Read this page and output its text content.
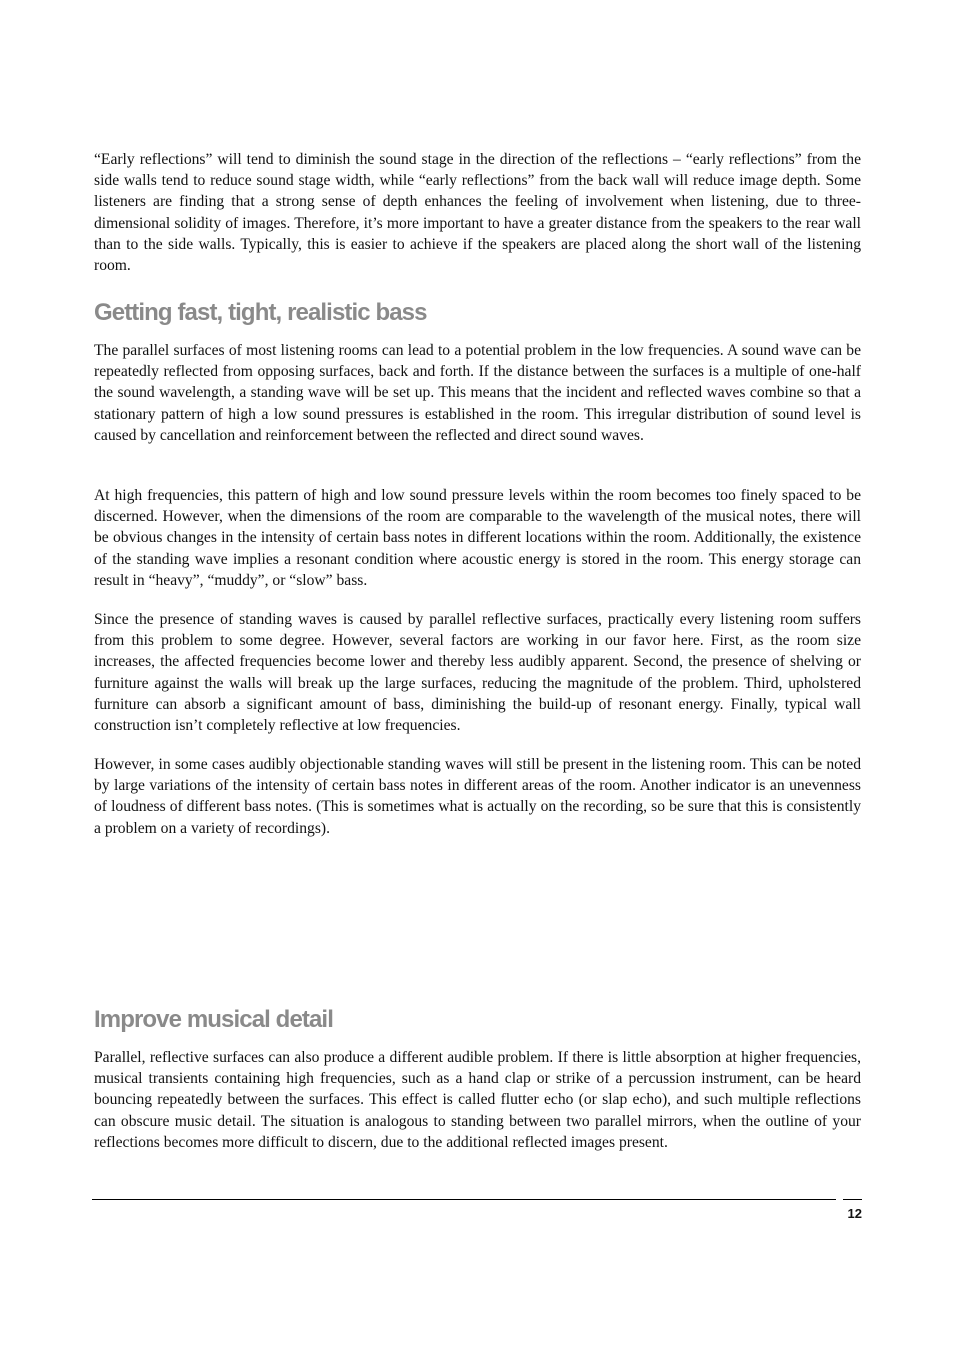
“Early reflections” will tend to diminish the sound stage in the direction of the reflections – “early reflections” from the side walls tend to reduce sound stage width, while “early reflections” from the back wall will reduce image depth. Some listeners are finding that a strong sense of depth enhances the feeling of involvement when listening, due to three-dimensional solidity of images. Therefore, it’s more important to have a greater distance from the speakers to the rear wall than to the side walls. Typically, this is easier to achieve if the speakers are placed along the short wall of the listening room.

Getting fast, tight, realistic bass

The parallel surfaces of most listening rooms can lead to a potential problem in the low frequencies. A sound wave can be repeatedly reflected from opposing surfaces, back and forth. If the distance between the surfaces is a multiple of one-half the sound wavelength, a standing wave will be set up. This means that the incident and reflected waves combine so that a stationary pattern of high a low sound pressures is established in the room. This irregular distribution of sound level is caused by cancellation and reinforcement between the reflected and direct sound waves.

At high frequencies, this pattern of high and low sound pressure levels within the room becomes too finely spaced to be discerned. However, when the dimensions of the room are comparable to the wavelength of the musical notes, there will be obvious changes in the intensity of certain bass notes in different locations within the room. Additionally, the existence of the standing wave implies a resonant condition where acoustic energy is stored in the room. This energy storage can result in “heavy”, “muddy”, or “slow” bass.

Since the presence of standing waves is caused by parallel reflective surfaces, practically every listening room suffers from this problem to some degree. However, several factors are working in our favor here. First, as the room size increases, the affected frequencies become lower and thereby less audibly apparent. Second, the presence of shelving or furniture against the walls will break up the large surfaces, reducing the magnitude of the problem. Third, upholstered furniture can absorb a significant amount of bass, diminishing the build-up of resonant energy. Finally, typical wall construction isn’t completely reflective at low frequencies.

However, in some cases audibly objectionable standing waves will still be present in the listening room. This can be noted by large variations of the intensity of certain bass notes in different areas of the room. Another indicator is an unevenness of loudness of different bass notes. (This is sometimes what is actually on the recording, so be sure that this is consistently a problem on a variety of recordings).

Improve musical detail

Parallel, reflective surfaces can also produce a different audible problem. If there is little absorption at higher frequencies, musical transients containing high frequencies, such as a hand clap or strike of a percussion instrument, can be heard bouncing repeatedly between the surfaces. This effect is called flutter echo (or slap echo), and such multiple reflections can obscure music detail. The situation is analogous to standing between two parallel mirrors, when the outline of your reflections becomes more difficult to discern, due to the additional reflected images present.

12
